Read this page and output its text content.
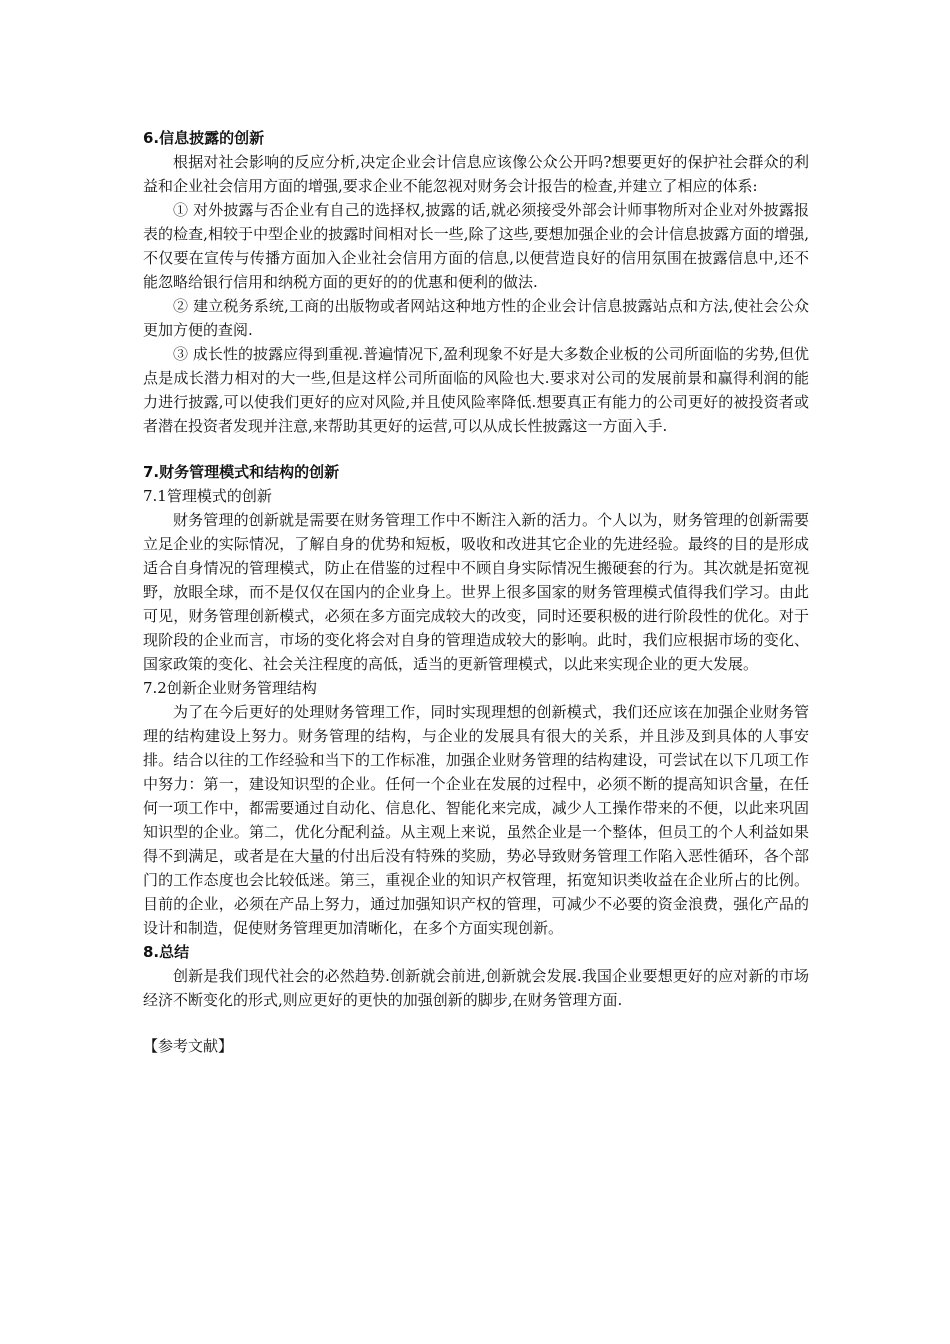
6.信息披露的创新

根据对社会影响的反应分析,决定企业会计信息应该像公众公开吗?想要更好的保护社会群众的利益和企业社会信用方面的增强,要求企业不能忽视对财务会计报告的检查,并建立了相应的体系:

① 对外披露与否企业有自己的选择权,披露的话,就必须接受外部会计师事物所对企业对外披露报表的检查,相较于中型企业的披露时间相对长一些,除了这些,要想加强企业的会计信息披露方面的增强,不仅要在宣传与传播方面加入企业社会信用方面的信息,以便营造良好的信用氛围在披露信息中,还不能忽略给银行信用和纳税方面的更好的的优惠和便利的做法.

② 建立税务系统,工商的出版物或者网站这种地方性的企业会计信息披露站点和方法,使社会公众更加方便的查阅.

③ 成长性的披露应得到重视.普遍情况下,盈利现象不好是大多数企业板的公司所面临的劣势,但优点是成长潜力相对的大一些,但是这样公司所面临的风险也大.要求对公司的发展前景和赢得利润的能力进行披露,可以使我们更好的应对风险,并且使风险率降低.想要真正有能力的公司更好的被投资者或者潜在投资者发现并注意,来帮助其更好的运营,可以从成长性披露这一方面入手.

7.财务管理模式和结构的创新

7.1管理模式的创新

财务管理的创新就是需要在财务管理工作中不断注入新的活力。个人以为，财务管理的创新需要立足企业的实际情况，了解自身的优势和短板，吸收和改进其它企业的先进经验。最终的目的是形成适合自身情况的管理模式，防止在借鉴的过程中不顾自身实际情况生搬硬套的行为。其次就是拓宽视野，放眼全球，而不是仅仅在国内的企业身上。世界上很多国家的财务管理模式值得我们学习。由此可见，财务管理创新模式，必须在多方面完成较大的改变，同时还要积极的进行阶段性的优化。对于现阶段的企业而言，市场的变化将会对自身的管理造成较大的影响。此时，我们应根据市场的变化、国家政策的变化、社会关注程度的高低，适当的更新管理模式，以此来实现企业的更大发展。

7.2创新企业财务管理结构

为了在今后更好的处理财务管理工作，同时实现理想的创新模式，我们还应该在加强企业财务管理的结构建设上努力。财务管理的结构，与企业的发展具有很大的关系，并且涉及到具体的人事安排。结合以往的工作经验和当下的工作标准，加强企业财务管理的结构建设，可尝试在以下几项工作中努力：第一，建设知识型的企业。任何一个企业在发展的过程中，必须不断的提高知识含量，在任何一项工作中，都需要通过自动化、信息化、智能化来完成，减少人工操作带来的不便，以此来巩固知识型的企业。第二，优化分配利益。从主观上来说，虽然企业是一个整体，但员工的个人利益如果得不到满足，或者是在大量的付出后没有特殊的奖励，势必导致财务管理工作陷入恶性循环，各个部门的工作态度也会比较低迷。第三，重视企业的知识产权管理，拓宽知识类收益在企业所占的比例。目前的企业，必须在产品上努力，通过加强知识产权的管理，可减少不必要的资金浪费，强化产品的设计和制造，促使财务管理更加清晰化，在多个方面实现创新。

8.总结

创新是我们现代社会的必然趋势.创新就会前进,创新就会发展.我国企业要想更好的应对新的市场经济不断变化的形式,则应更好的更快的加强创新的脚步,在财务管理方面.

【参考文献】
